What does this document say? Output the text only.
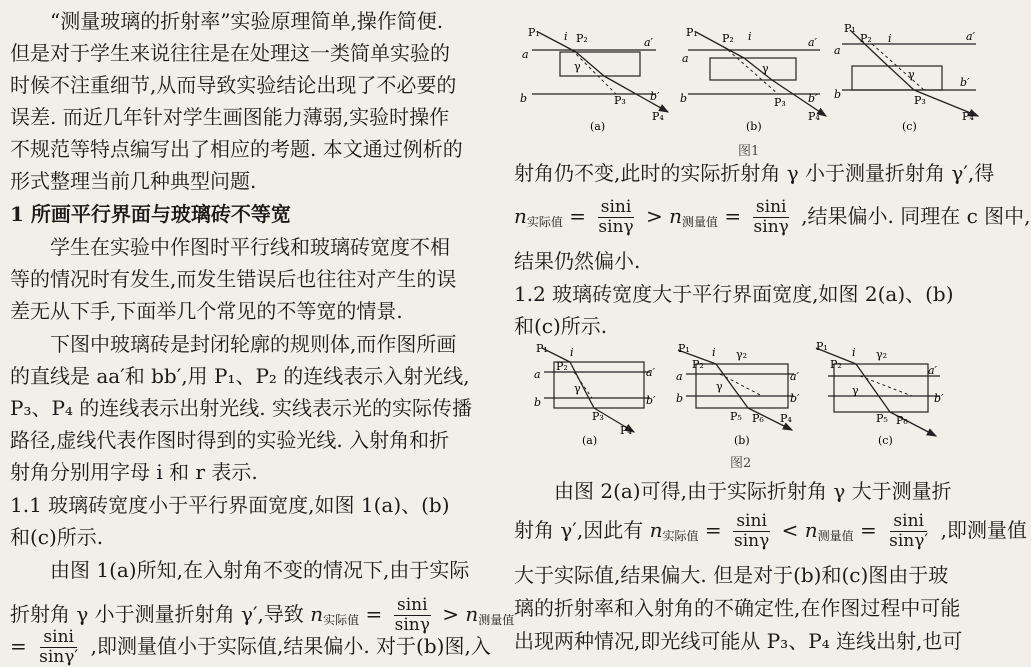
“测量玻璃的折射率”实验原理简单,操作简便.
但是对于学生来说往往是在处理这一类简单实验的
时候不注重细节,从而导致实验结论出现了不必要的
误差. 而近几年针对学生画图能力薄弱,实验时操作
不规范等特点编写出了相应的考题. 本文通过例析的
形式整理当前几种典型问题.
1 所画平行界面与玻璃砖不等宽
学生在实验中作图时平行线和玻璃砖宽度不相
等的情况时有发生,而发生错误后也往往对产生的误
差无从下手,下面举几个常见的不等宽的情景.
下图中玻璃砖是封闭轮廓的规则体,而作图所画
的直线是 aa′和 bb′,用 P₁、P₂ 的连线表示入射光线,
P₃、P₄ 的连线表示出射光线. 实线表示光的实际传播
路径,虚线代表作图时得到的实验光线. 入射角和折
射角分别用字母 i 和 r 表示.
1.1 玻璃砖宽度小于平行界面宽度,如图 1(a)、(b)
和(c)所示.
由图 1(a)所知,在入射角不变的情况下,由于实际
折射角 γ 小于测量折射角 γ′,导致 $n_{实际值} = \frac{\sin i}{\sin\gamma} > n_{测量值}$
= $\frac{\sin i}{\sin\gamma'}$ ,即测量值小于实际值,结果偏小. 对于(b)图,入
P₁	P₂
i
γ
a
a′
b	b′
P₃
P₄
(a)
P₁ P₂ i
γ
a
a′
b	b′
P₃
P₄
(b)
P₁
P₂ i
γ
a
a′
b
b′
P₃
P₄
(c)
图1
射角仍不变,此时的实际折射角 γ 小于测量折射角 γ′,得
$n_{实际值} = \frac{\sin i}{\sin\gamma} > n_{测量值} = \frac{\sin i}{\sin\gamma}$ ,结果偏小. 同理在 c 图中,
结果仍然偏小.
1.2 玻璃砖宽度大于平行界面宽度,如图 2(a)、(b)
和(c)所示.
P₁
P₂
i
γ
a	a′
b	b′
P₃
P₄
(a)
P₁
P₂
i γ₂
γ
a	a′
b	b′
P₅ P₆ P₄
(b)
P₁
P₂
i γ₂
γ
a′
b′
P₅ P₆
(c)
图2
由图 2(a)可得,由于实际折射角 γ 大于测量折
射角 γ′,因此有 $n_{实际值} = \frac{\sin i}{\sin\gamma} < n_{测量值} = \frac{\sin i}{\sin\gamma'}$ ,即测量值
大于实际值,结果偏大. 但是对于(b)和(c)图由于玻
璃的折射率和入射角的不确定性,在作图过程中可能
出现两种情况,即光线可能从 P₃、P₄ 连线出射,也可
